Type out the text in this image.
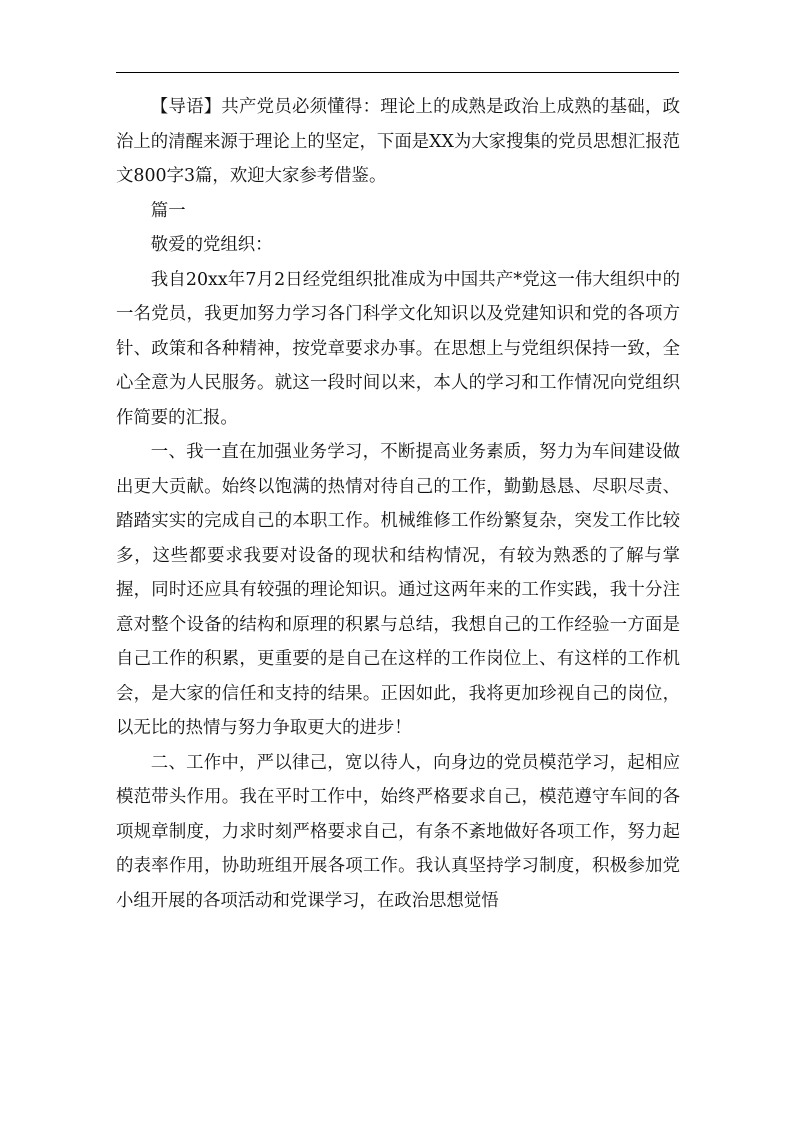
【导语】共产党员必须懂得：理论上的成熟是政治上成熟的基础，政治上的清醒来源于理论上的坚定，下面是XX为大家搜集的党员思想汇报范文800字3篇，欢迎大家参考借鉴。

篇一

敬爱的党组织：

我自20xx年7月2日经党组织批准成为中国共产*党这一伟大组织中的一名党员，我更加努力学习各门科学文化知识以及党建知识和党的各项方针、政策和各种精神，按党章要求办事。在思想上与党组织保持一致，全心全意为人民服务。就这一段时间以来，本人的学习和工作情况向党组织作简要的汇报。

一、我一直在加强业务学习，不断提高业务素质，努力为车间建设做出更大贡献。始终以饱满的热情对待自己的工作，勤勤恳恳、尽职尽责、踏踏实实的完成自己的本职工作。机械维修工作纷繁复杂，突发工作比较多，这些都要求我要对设备的现状和结构情况，有较为熟悉的了解与掌握，同时还应具有较强的理论知识。通过这两年来的工作实践，我十分注意对整个设备的结构和原理的积累与总结，我想自己的工作经验一方面是自己工作的积累，更重要的是自己在这样的工作岗位上、有这样的工作机会，是大家的信任和支持的结果。正因如此，我将更加珍视自己的岗位，以无比的热情与努力争取更大的进步！

二、工作中，严以律己，宽以待人，向身边的党员模范学习，起相应模范带头作用。我在平时工作中，始终严格要求自己，模范遵守车间的各项规章制度，力求时刻严格要求自己，有条不紊地做好各项工作，努力起的表率作用，协助班组开展各项工作。我认真坚持学习制度，积极参加党小组开展的各项活动和党课学习，在政治思想觉悟
